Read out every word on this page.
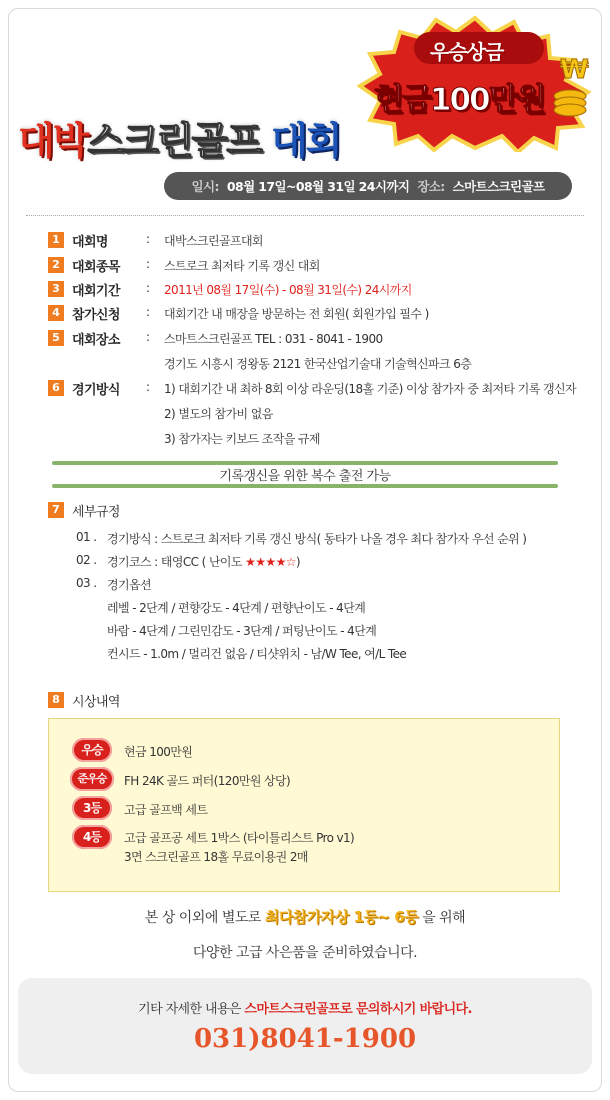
우승상금
현금100만원
₩
대박스크린골프 대회
일시: 08월 17일~08월 31일 24시까지 장소: 스마트스크린골프
1 대회명	: 대박스크린골프대회
2 대회종목 : 스트로크 최저타 기록 갱신 대회
3 대회기간 : 2011년 08월 17일(수) - 08월 31일(수) 24시까지
4 참가신청 : 대회기간 내 매장을 방문하는 전 회원( 회원가입 필수 )
5 대회장소 : 스마트스크린골프 TEL : 031 - 8041 - 1900
경기도 시흥시 정왕동 2121 한국산업기술대 기술혁신파크 6층
6 경기방식 : 1) 대회기간 내 최하 8회 이상 라운딩(18홀 기준) 이상 참가자 중 최저타 기록 갱신자
2) 별도의 참가비 없음
3) 참가자는 키보드 조작을 규제
기록갱신을 위한 복수 출전 가능
7 세부규정
01 . 경기방식 : 스트로크 최저타 기록 갱신 방식( 동타가 나올 경우 최다 참가자 우선 순위 )
02 . 경기코스 : 태영CC ( 난이도 ★★★★☆)
03 . 경기옵션
레벨 - 2단계 / 편향강도 - 4단계 / 편향난이도 - 4단계
바람 - 4단계 / 그린민감도 - 3단계 / 퍼팅난이도 - 4단계
컨시드 - 1.0m / 멀리건 없음 / 티샷위치 - 남/W Tee, 여/L Tee
8 시상내역
우승	현금 100만원
준우승	FH 24K 골드 퍼터(120만원 상당)
3등	고급 골프백 세트
4등	고급 골프공 세트 1박스 (타이틀리스트 Pro v1)
3면 스크린골프 18홀 무료이용권 2매
본 상 이외에 별도로 최다참가자상 1등~ 6등 을 위해
다양한 고급 사은품을 준비하였습니다.
기타 자세한 내용은 스마트스크린골프로 문의하시기 바랍니다.
031)8041-1900
